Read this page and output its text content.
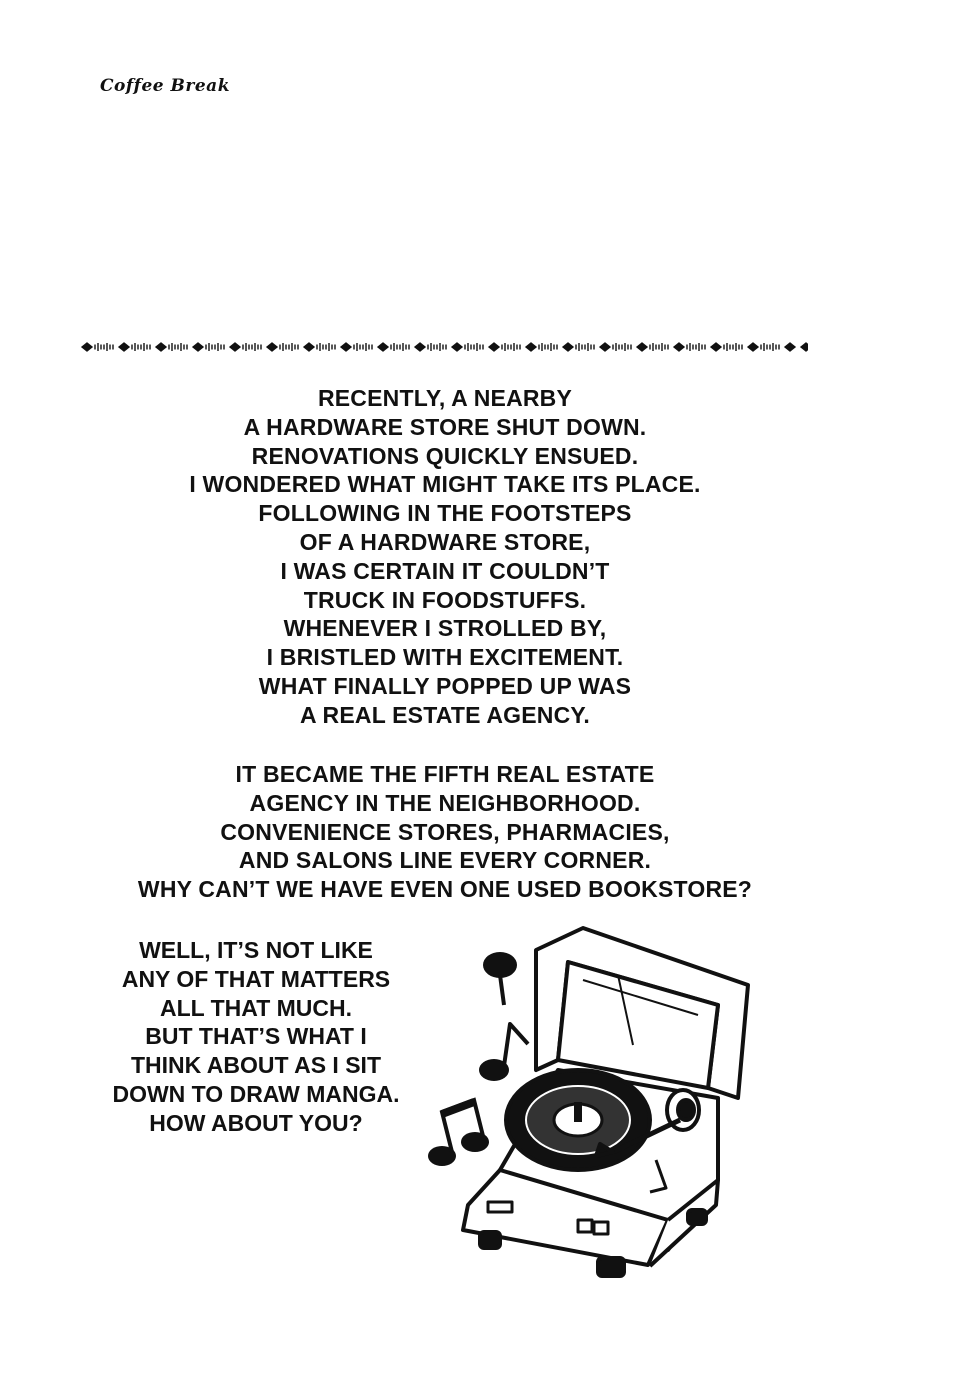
Coffee Break
RECENTLY, A NEARBY
A HARDWARE STORE SHUT DOWN.
RENOVATIONS QUICKLY ENSUED.
I WONDERED WHAT MIGHT TAKE ITS PLACE.
FOLLOWING IN THE FOOTSTEPS
OF A HARDWARE STORE,
I WAS CERTAIN IT COULDN’T
TRUCK IN FOODSTUFFS.
WHENEVER I STROLLED BY,
I BRISTLED WITH EXCITEMENT.
WHAT FINALLY POPPED UP WAS
A REAL ESTATE AGENCY.
IT BECAME THE FIFTH REAL ESTATE
AGENCY IN THE NEIGHBORHOOD.
CONVENIENCE STORES, PHARMACIES,
AND SALONS LINE EVERY CORNER.
WHY CAN’T WE HAVE EVEN ONE USED BOOKSTORE?
WELL, IT’S NOT LIKE
ANY OF THAT MATTERS
ALL THAT MUCH.
BUT THAT’S WHAT I
THINK ABOUT AS I SIT
DOWN TO DRAW MANGA.
HOW ABOUT YOU?
